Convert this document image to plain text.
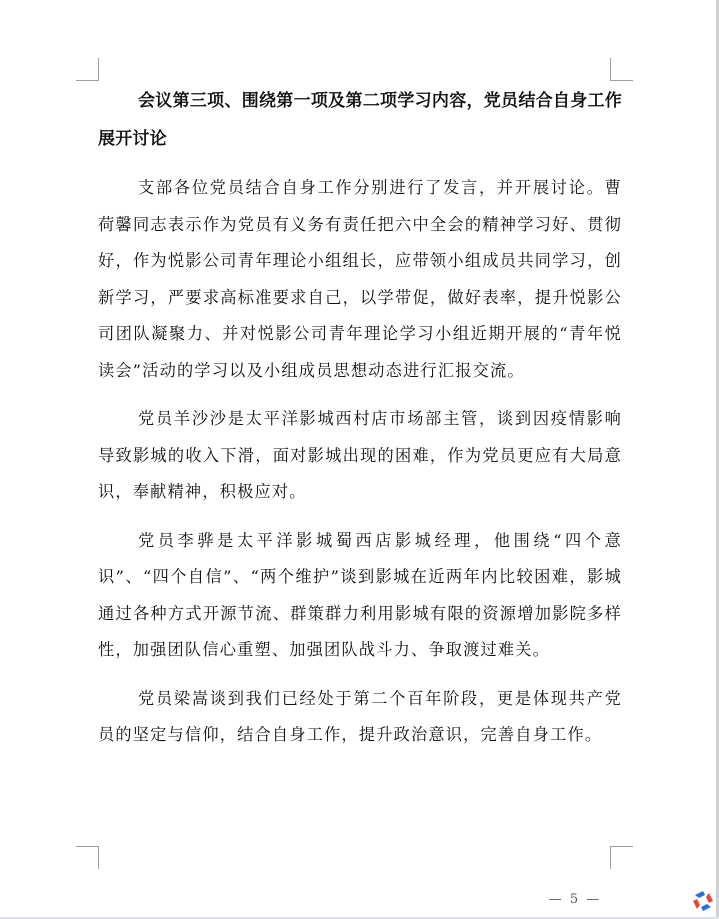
会议第三项、围绕第一项及第二项学习内容，党员结合自身工作展开讨论

支部各位党员结合自身工作分别进行了发言，并开展讨论。曹荷馨同志表示作为党员有义务有责任把六中全会的精神学习好、贯彻好，作为悦影公司青年理论小组组长，应带领小组成员共同学习，创新学习，严要求高标准要求自己，以学带促，做好表率，提升悦影公司团队凝聚力、并对悦影公司青年理论学习小组近期开展的“青年悦读会”活动的学习以及小组成员思想动态进行汇报交流。

党员羊沙沙是太平洋影城西村店市场部主管，谈到因疫情影响导致影城的收入下滑，面对影城出现的困难，作为党员更应有大局意识，奉献精神，积极应对。

党员李骅是太平洋影城蜀西店影城经理，他围绕“四个意识”、“四个自信”、“两个维护”谈到影城在近两年内比较困难，影城通过各种方式开源节流、群策群力利用影城有限的资源增加影院多样性，加强团队信心重塑、加强团队战斗力、争取渡过难关。

党员梁嵩谈到我们已经处于第二个百年阶段，更是体现共产党员的坚定与信仰，结合自身工作，提升政治意识，完善自身工作。

— 5 —
